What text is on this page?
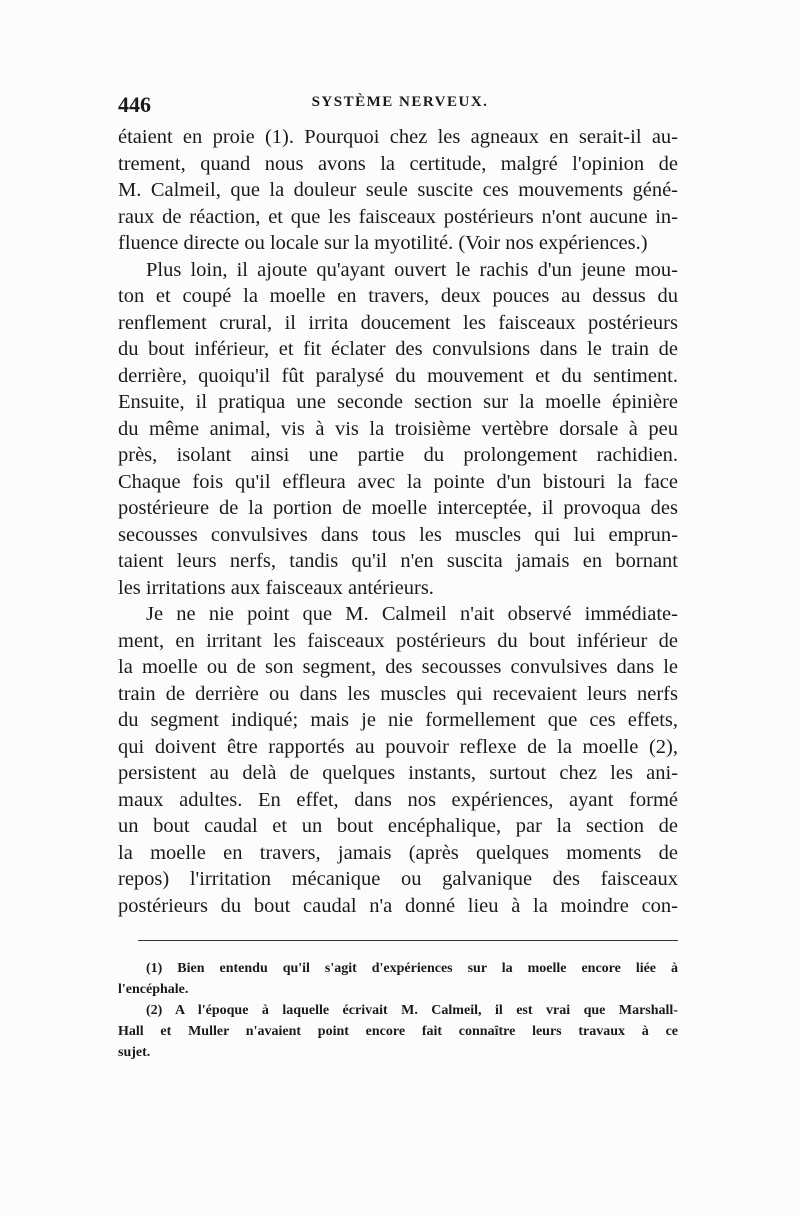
446	SYSTÈME NERVEUX.
étaient en proie (1). Pourquoi chez les agneaux en serait-il au-
trement, quand nous avons la certitude, malgré l'opinion de
M. Calmeil, que la douleur seule suscite ces mouvements géné-
raux de réaction, et que les faisceaux postérieurs n'ont aucune in-
fluence directe ou locale sur la myotilité. (Voir nos expériences.)
Plus loin, il ajoute qu'ayant ouvert le rachis d'un jeune mou-
ton et coupé la moelle en travers, deux pouces au dessus du
renflement crural, il irrita doucement les faisceaux postérieurs
du bout inférieur, et fit éclater des convulsions dans le train de
derrière, quoiqu'il fût paralysé du mouvement et du sentiment.
Ensuite, il pratiqua une seconde section sur la moelle épinière
du même animal, vis à vis la troisième vertèbre dorsale à peu
près, isolant ainsi une partie du prolongement rachidien.
Chaque fois qu'il effleura avec la pointe d'un bistouri la face
postérieure de la portion de moelle interceptée, il provoqua des
secousses convulsives dans tous les muscles qui lui emprun-
taient leurs nerfs, tandis qu'il n'en suscita jamais en bornant
les irritations aux faisceaux antérieurs.
Je ne nie point que M. Calmeil n'ait observé immédiate-
ment, en irritant les faisceaux postérieurs du bout inférieur de
la moelle ou de son segment, des secousses convulsives dans le
train de derrière ou dans les muscles qui recevaient leurs nerfs
du segment indiqué; mais je nie formellement que ces effets,
qui doivent être rapportés au pouvoir reflexe de la moelle (2),
persistent au delà de quelques instants, surtout chez les ani-
maux adultes. En effet, dans nos expériences, ayant formé
un bout caudal et un bout encéphalique, par la section de
la moelle en travers, jamais (après quelques moments de
repos) l'irritation mécanique ou galvanique des faisceaux
postérieurs du bout caudal n'a donné lieu à la moindre con-
(1) Bien entendu qu'il s'agit d'expériences sur la moelle encore liée à
l'encéphale.
(2) A l'époque à laquelle écrivait M. Calmeil, il est vrai que Marshall-
Hall et Muller n'avaient point encore fait connaître leurs travaux à ce
sujet.
